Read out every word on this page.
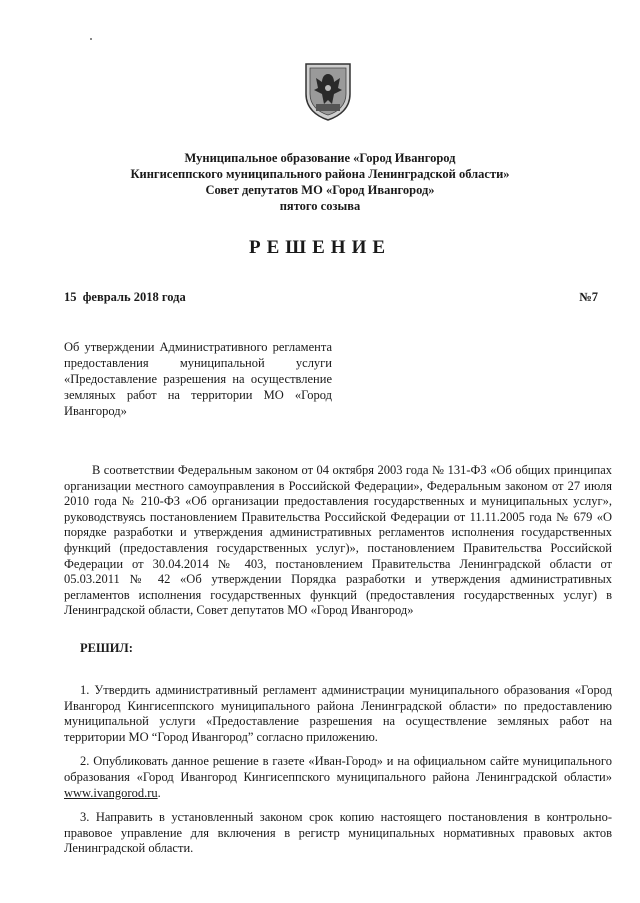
Муниципальное образование «Город Ивангород
Кингисеппского муниципального района Ленинградской области»
Совет депутатов МО «Город Ивангород»
пятого созыва
РЕШЕНИЕ
15  февраль 2018 года	№7
Об утверждении Административного регламента предоставления муниципальной услуги «Предоставление разрешения на осуществление земляных работ на территории МО «Город Ивангород»
В соответствии Федеральным законом от 04 октября 2003 года № 131-ФЗ «Об общих принципах организации местного самоуправления в Российской Федерации», Федеральным законом от 27 июля 2010 года № 210-ФЗ «Об организации предоставления государственных и муниципальных услуг», руководствуясь постановлением Правительства Российской Федерации от 11.11.2005 года № 679 «О порядке разработки и утверждения административных регламентов исполнения государственных функций (предоставления государственных услуг)», постановлением Правительства Российской Федерации от 30.04.2014 № 403, постановлением Правительства Ленинградской области от 05.03.2011 № 42 «Об утверждении Порядка разработки и утверждения административных регламентов исполнения государственных функций (предоставления государственных услуг) в Ленинградской области, Совет депутатов МО «Город Ивангород»
РЕШИЛ:

1. Утвердить административный регламент администрации муниципального образования «Город Ивангород Кингисеппского муниципального района Ленинградской области» по предоставлению муниципальной услуги «Предоставление разрешения на осуществление земляных работ на территории МО “Город Ивангород” согласно приложению.

2. Опубликовать данное решение в газете «Иван-Город» и на официальном сайте муниципального образования «Город Ивангород Кингисеппского муниципального района Ленинградской области» www.ivangorod.ru.

3. Направить в установленный законом срок копию настоящего постановления в контрольно-правовое управление для включения в регистр муниципальных нормативных правовых актов Ленинградской области.
